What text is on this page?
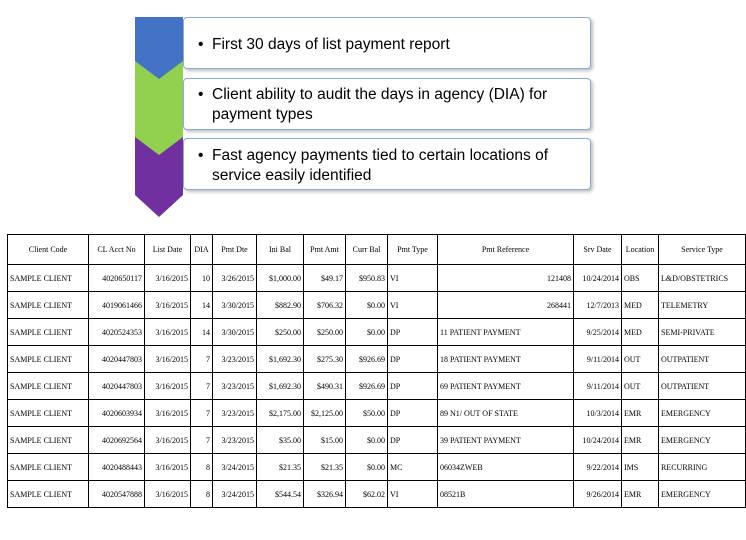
• First 30 days of list payment report
• Client ability to audit the days in agency (DIA) for
payment types
• Fast agency payments tied to certain locations of
service easily identified
Client Code	CL Acct No	List Date	DIA	Pmt Dte	Ini Bal	Pmt Amt	Curr Bal	Pmt Type	Pmt Reference	Srv Date	Location	Service Type
SAMPLE CLIENT	4020650117	3/16/2015	10	3/26/2015	$1,000.00	$49.17	$950.83	VI	121408	10/24/2014	OBS	L&D/OBSTETRICS
SAMPLE CLIENT	4019061466	3/16/2015	14	3/30/2015	$882.90	$706.32	$0.00	VI	268441	12/7/2013	MED	TELEMETRY
SAMPLE CLIENT	4020524353	3/16/2015	14	3/30/2015	$250.00	$250.00	$0.00	DP	11 PATIENT PAYMENT	9/25/2014	MED	SEMI-PRIVATE
SAMPLE CLIENT	4020447803	3/16/2015	7	3/23/2015	$1,692.30	$275.30	$926.69	DP	18 PATIENT PAYMENT	9/11/2014	OUT	OUTPATIENT
SAMPLE CLIENT	4020447803	3/16/2015	7	3/23/2015	$1,692.30	$490.31	$926.69	DP	69 PATIENT PAYMENT	9/11/2014	OUT	OUTPATIENT
SAMPLE CLIENT	4020603934	3/16/2015	7	3/23/2015	$2,175.00	$2,125.00	$50.00	DP	89 N1/ OUT OF STATE	10/3/2014	EMR	EMERGENCY
SAMPLE CLIENT	4020692564	3/16/2015	7	3/23/2015	$35.00	$15.00	$0.00	DP	39 PATIENT PAYMENT	10/24/2014	EMR	EMERGENCY
SAMPLE CLIENT	4020488443	3/16/2015	8	3/24/2015	$21.35	$21.35	$0.00	MC	06034ZWEB	9/22/2014	IMS	RECURRING
SAMPLE CLIENT	4020547888	3/16/2015	8	3/24/2015	$544.54	$326.94	$62.02	VI	08521B	9/26/2014	EMR	EMERGENCY
